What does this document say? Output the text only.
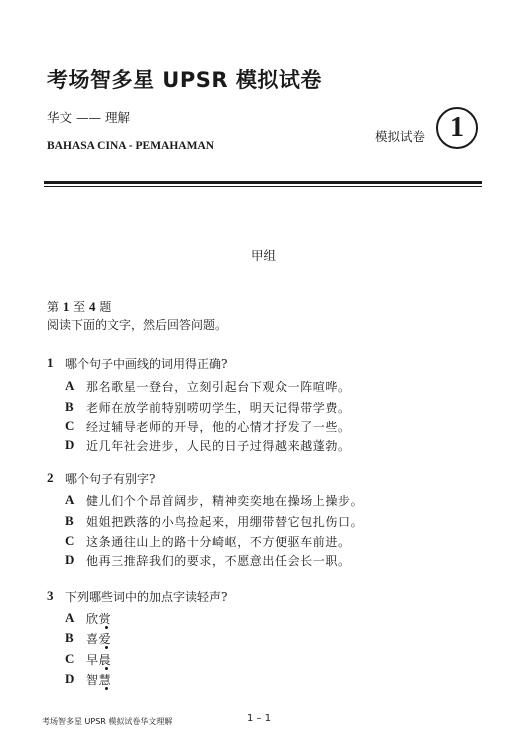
考场智多星 UPSR 模拟试卷
华文 —— 理解
BAHASA CINA - PEMAHAMAN
模拟试卷 1
甲组
第 1 至 4 题
阅读下面的文字，然后回答问题。
1 哪个句子中画线的词用得正确?
A 那名歌星一登台，立刻引起台下观众一阵喧哗。
B 老师在放学前特别唠叨学生，明天记得带学费。
C 经过辅导老师的开导，他的心情才抒发了一些。
D 近几年社会进步，人民的日子过得越来越蓬勃。
2 哪个句子有别字?
A 健儿们个个昂首阔步，精神奕奕地在操场上操步。
B 姐姐把跌落的小鸟捡起来，用绷带替它包扎伤口。
C 这条通往山上的路十分崎岖，不方便驱车前进。
D 他再三推辞我们的要求，不愿意出任会长一职。
3 下列哪些词中的加点字读轻声?
A 欣赏
B 喜爱
C 早晨
D 智慧
考场智多星 UPSR 模拟试卷华文理解	1 – 1
